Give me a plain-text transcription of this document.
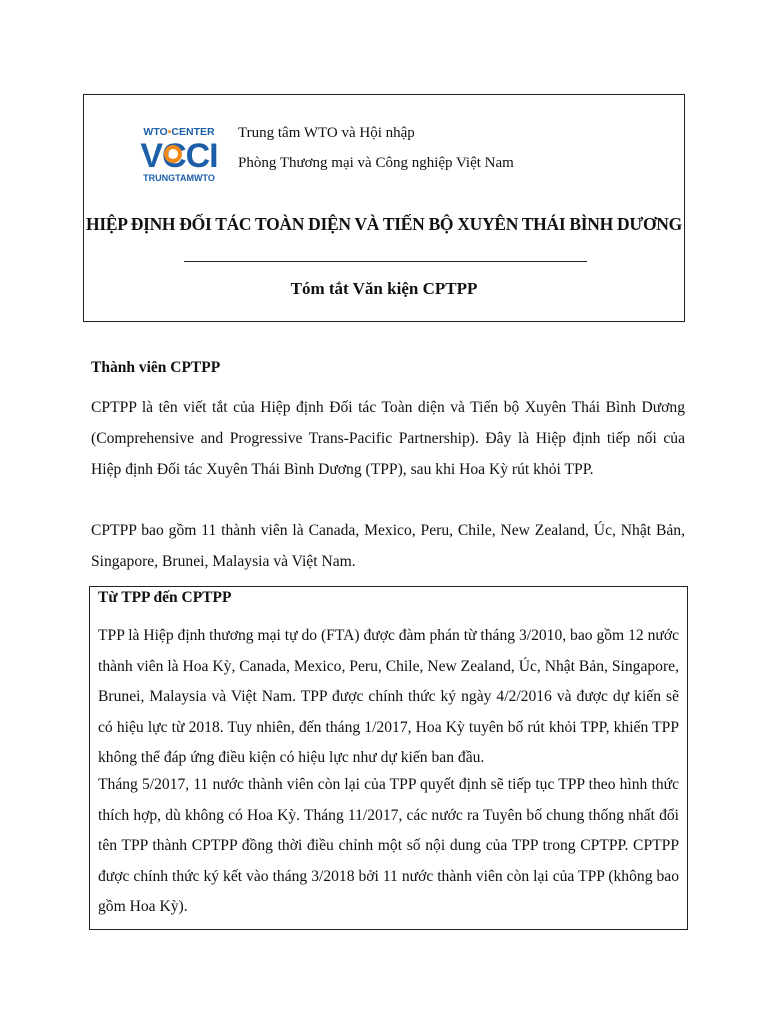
WTO•CENTER
VCCI
TRUNGTAMWTO
Trung tâm WTO và Hội nhập
Phòng Thương mại và Công nghiệp Việt Nam
HIỆP ĐỊNH ĐỐI TÁC TOÀN DIỆN VÀ TIẾN BỘ XUYÊN THÁI BÌNH DƯƠNG
Tóm tắt Văn kiện CPTPP
Thành viên CPTPP

CPTPP là tên viết tắt của Hiệp định Đối tác Toàn diện và Tiến bộ Xuyên Thái Bình Dương (Comprehensive and Progressive Trans-Pacific Partnership). Đây là Hiệp định tiếp nối của Hiệp định Đối tác Xuyên Thái Bình Dương (TPP), sau khi Hoa Kỳ rút khỏi TPP.

CPTPP bao gồm 11 thành viên là Canada, Mexico, Peru, Chile, New Zealand, Úc, Nhật Bản, Singapore, Brunei, Malaysia và Việt Nam.

Từ TPP đến CPTPP

TPP là Hiệp định thương mại tự do (FTA) được đàm phán từ tháng 3/2010, bao gồm 12 nước thành viên là Hoa Kỳ, Canada, Mexico, Peru, Chile, New Zealand, Úc, Nhật Bản, Singapore, Brunei, Malaysia và Việt Nam. TPP được chính thức ký ngày 4/2/2016 và được dự kiến sẽ có hiệu lực từ 2018. Tuy nhiên, đến tháng 1/2017, Hoa Kỳ tuyên bố rút khỏi TPP, khiến TPP không thể đáp ứng điều kiện có hiệu lực như dự kiến ban đầu.

Tháng 5/2017, 11 nước thành viên còn lại của TPP quyết định sẽ tiếp tục TPP theo hình thức thích hợp, dù không có Hoa Kỳ. Tháng 11/2017, các nước ra Tuyên bố chung thống nhất đổi tên TPP thành CPTPP đồng thời điều chỉnh một số nội dung của TPP trong CPTPP. CPTPP được chính thức ký kết vào tháng 3/2018 bởi 11 nước thành viên còn lại của TPP (không bao gồm Hoa Kỳ).
